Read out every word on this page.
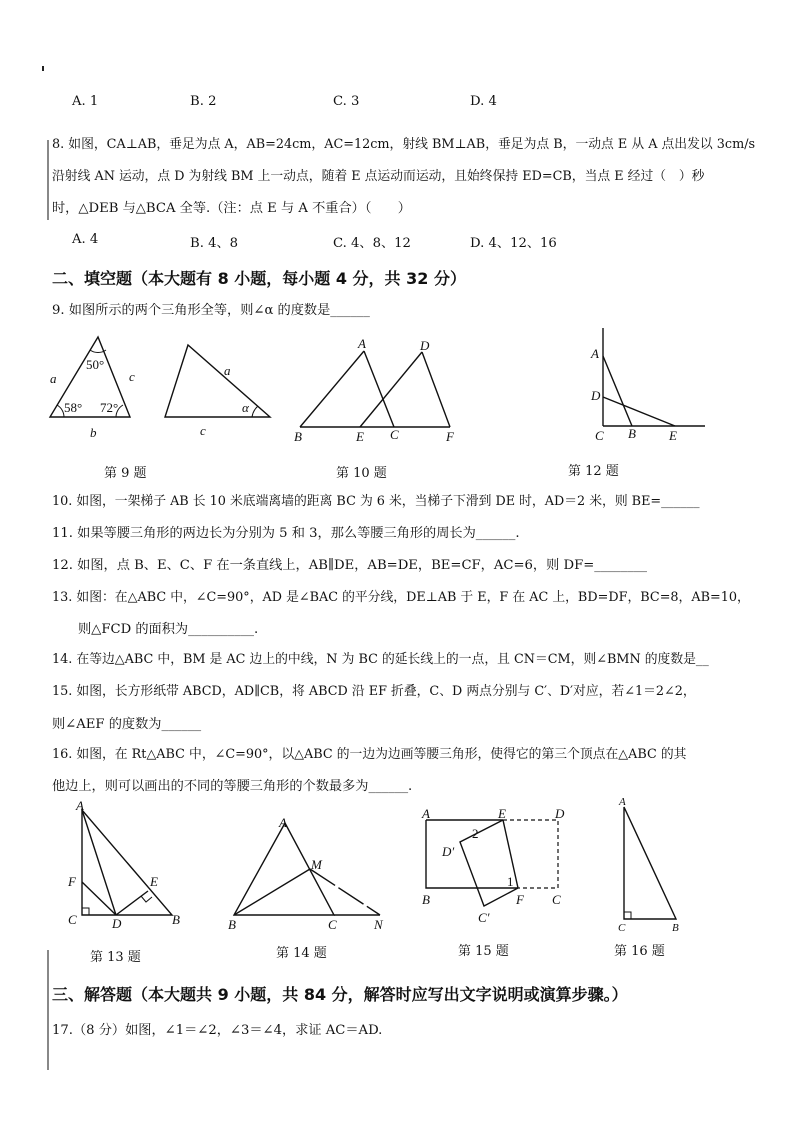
A. 1	B. 2	C. 3	D. 4
8. 如图，CA⊥AB，垂足为点 A，AB=24cm，AC=12cm，射线 BM⊥AB，垂足为点 B，一动点 E 从 A 点出发以 3cm/s
沿射线 AN 运动，点 D 为射线 BM 上一动点，随着 E 点运动而运动，且始终保持 ED=CB，当点 E 经过（　）秒
时，△DEB 与△BCA 全等.（注：点 E 与 A 不重合）（　　）
A. 4	B. 4、8	C. 4、8、12	D. 4、12、16
二、填空题（本大题有 8 小题，每小题 4 分，共 32 分）
9. 如图所示的两个三角形全等，则∠α 的度数是______
a	c
b
50°
58° 72°
a
c
α
A	D
B	E C	F
A
D
C B	E
第 9 题	第 10 题	第 12 题
10. 如图，一架梯子 AB 长 10 米底端离墙的距离 BC 为 6 米，当梯子下滑到 DE 时，AD＝2 米，则 BE=______
11. 如果等腰三角形的两边长为分别为 5 和 3，那么等腰三角形的周长为______.
12. 如图，点 B、E、C、F 在一条直线上，AB∥DE，AB=DE，BE=CF，AC=6，则 DF=________
13. 如图：在△ABC 中，∠C=90°，AD 是∠BAC 的平分线，DE⊥AB 于 E，F 在 AC 上，BD=DF，BC=8，AB=10，
则△FCD 的面积为__________.
14. 在等边△ABC 中，BM 是 AC 边上的中线，N 为 BC 的延长线上的一点，且 CN＝CM，则∠BMN 的度数是__
15. 如图，长方形纸带 ABCD，AD∥CB，将 ABCD 沿 EF 折叠，C、D 两点分别与 C′、D′对应，若∠1＝2∠2，
则∠AEF 的度数为______
16. 如图，在 Rt△ABC 中，∠C=90°，以△ABC 的一边为边画等腰三角形，使得它的第三个顶点在△ABC 的其
他边上，则可以画出的不同的等腰三角形的个数最多为______.
A
F	E
C	D	B
A
M
B	C	N
A	E	D
D′
2
1
B	F C
C′
A
C	B
第 13 题	第 14 题	第 15 题	第 16 题
三、解答题（本大题共 9 小题，共 84 分，解答时应写出文字说明或演算步骤。）
17.（8 分）如图，∠1＝∠2，∠3＝∠4，求证 AC＝AD.
